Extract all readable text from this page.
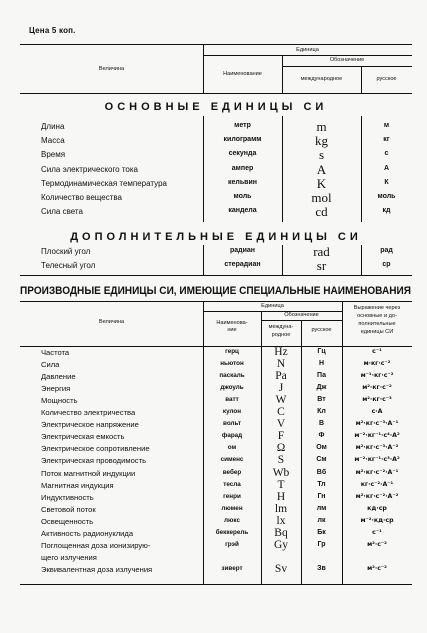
Цена 5 коп.
Величина
Единица
Наименование
Обозначение
международное	русское
ОСНОВНЫЕ ЕДИНИЦЫ СИ
Длина	метр	m	м
Масса	килограмм	kg	кг
Время	секунда	s	с
Сила электрического тока	ампер	A	А
Термодинамическая температура	кельвин	K	К
Количество вещества	моль	mol	моль
Сила света	кандела	cd	кд
ДОПОЛНИТЕЛЬНЫЕ ЕДИНИЦЫ СИ
Плоский угол	радиан	rad	рад
Телесный угол	стерадиан	sr	ср
ПРОИЗВОДНЫЕ ЕДИНИЦЫ СИ, ИМЕЮЩИЕ СПЕЦИАЛЬНЫЕ НАИМЕНОВАНИЯ
Величина
Единица
Наименова-
ние
Обозначение
междуна-
родное
русское
Выражение через
основные и до-
полнительные
единицы СИ
Частота	герц	Hz	Гц	с⁻¹
Сила	ньютон	N	Н	м·кг·с⁻²
Давление	паскаль	Pa	Па	м⁻¹·кг·с⁻²
Энергия	джоуль	J	Дж	м²·кг·с⁻²
Мощность	ватт	W	Вт	м²·кг·с⁻³
Количество электричества	кулон	C	Кл	с·А
Электрическое напряжение	вольт	V	В	м²·кг·с⁻³·А⁻¹
Электрическая емкость	фарад	F	Ф	м⁻²·кг⁻¹·с⁴·А²
Электрическое сопротивление	ом	Ω	Ом	м²·кг·с⁻³·А⁻²
Электрическая проводимость	сименс	S	См	м⁻²·кг⁻¹·с³·А²
Поток магнитной индукции	вебер	Wb	Вб	м²·кг·с⁻²·А⁻¹
Магнитная индукция	тесла	T	Тл	кг·с⁻²·А⁻¹
Индуктивность	генри	H	Гн	м²·кг·с⁻²·А⁻²
Световой поток	люмен	lm	лм	кд·ср
Освещенность	люкс	lx	лк	м⁻²·кд·ср
Активность радионуклида	беккерель	Bq	Бк	с⁻¹
Поглощенная доза ионизирую-	грэй	Gy	Гр	м²·с⁻²
щего излучения
Эквивалентная доза излучения	зиверт	Sv	Зв	м²·с⁻²
